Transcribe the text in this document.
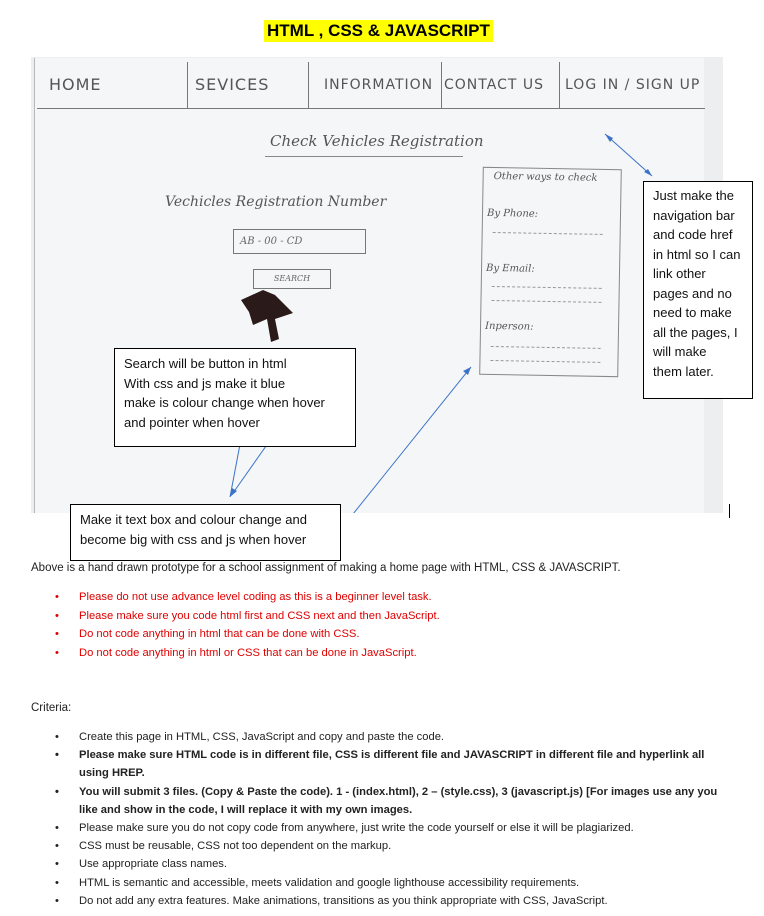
HTML , CSS & JAVASCRIPT
HOME	SEVICES	INFORMATION CONTACT US	LOG IN / SIGN UP
Check Vehicles Registration
Vechicles Registration Number
AB - 00 - CD
SEARCH
Other ways to check
By Phone:
By Email:
Inperson:
Just make the
navigation bar
and code href
in html so I can
link other
pages and no
need to make
all the pages, I
will make
them later.
Search will be button in html
With css and js make it blue
make is colour change when hover
and pointer when hover
Make it text box and colour change and
become big with css and js when hover
Above is a hand drawn prototype for a school assignment of making a home page with HTML, CSS & JAVASCRIPT.
• Please do not use advance level coding as this is a beginner level task.
• Please make sure you code html first and CSS next and then JavaScript.
• Do not code anything in html that can be done with CSS.
• Do not code anything in html or CSS that can be done in JavaScript.
Criteria:
• Create this page in HTML, CSS, JavaScript and copy and paste the code.
• Please make sure HTML code is in different file, CSS is different file and JAVASCRIPT in different file and hyperlink all using HREP.
• You will submit 3 files. (Copy & Paste the code). 1 - (index.html), 2 – (style.css), 3 (javascript.js) [For images use any you like and show in the code, I will replace it with my own images.
• Please make sure you do not copy code from anywhere, just write the code yourself or else it will be plagiarized.
• CSS must be reusable, CSS not too dependent on the markup.
• Use appropriate class names.
• HTML is semantic and accessible, meets validation and google lighthouse accessibility requirements.
• Do not add any extra features. Make animations, transitions as you think appropriate with CSS, JavaScript.
